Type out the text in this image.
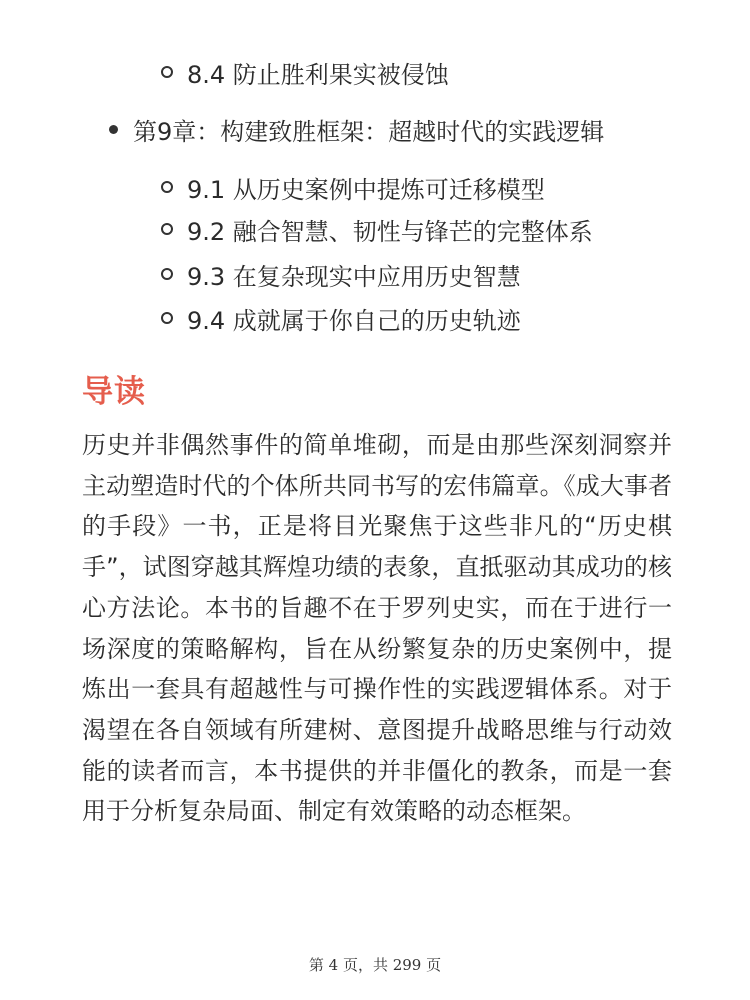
8.4 防止胜利果实被侵蚀
第9章：构建致胜框架：超越时代的实践逻辑
9.1 从历史案例中提炼可迁移模型
9.2 融合智慧、韧性与锋芒的完整体系
9.3 在复杂现实中应用历史智慧
9.4 成就属于你自己的历史轨迹
导读
历史并非偶然事件的简单堆砌，而是由那些深刻洞察并主动塑造时代的个体所共同书写的宏伟篇章。《成大事者的手段》一书，正是将目光聚焦于这些非凡的“历史棋手”，试图穿越其辉煌功绩的表象，直抵驱动其成功的核心方法论。本书的旨趣不在于罗列史实，而在于进行一场深度的策略解构，旨在从纷繁复杂的历史案例中，提炼出一套具有超越性与可操作性的实践逻辑体系。对于渴望在各自领域有所建树、意图提升战略思维与行动效能的读者而言，本书提供的并非僵化的教条，而是一套用于分析复杂局面、制定有效策略的动态框架。
第 4 页，共 299 页
